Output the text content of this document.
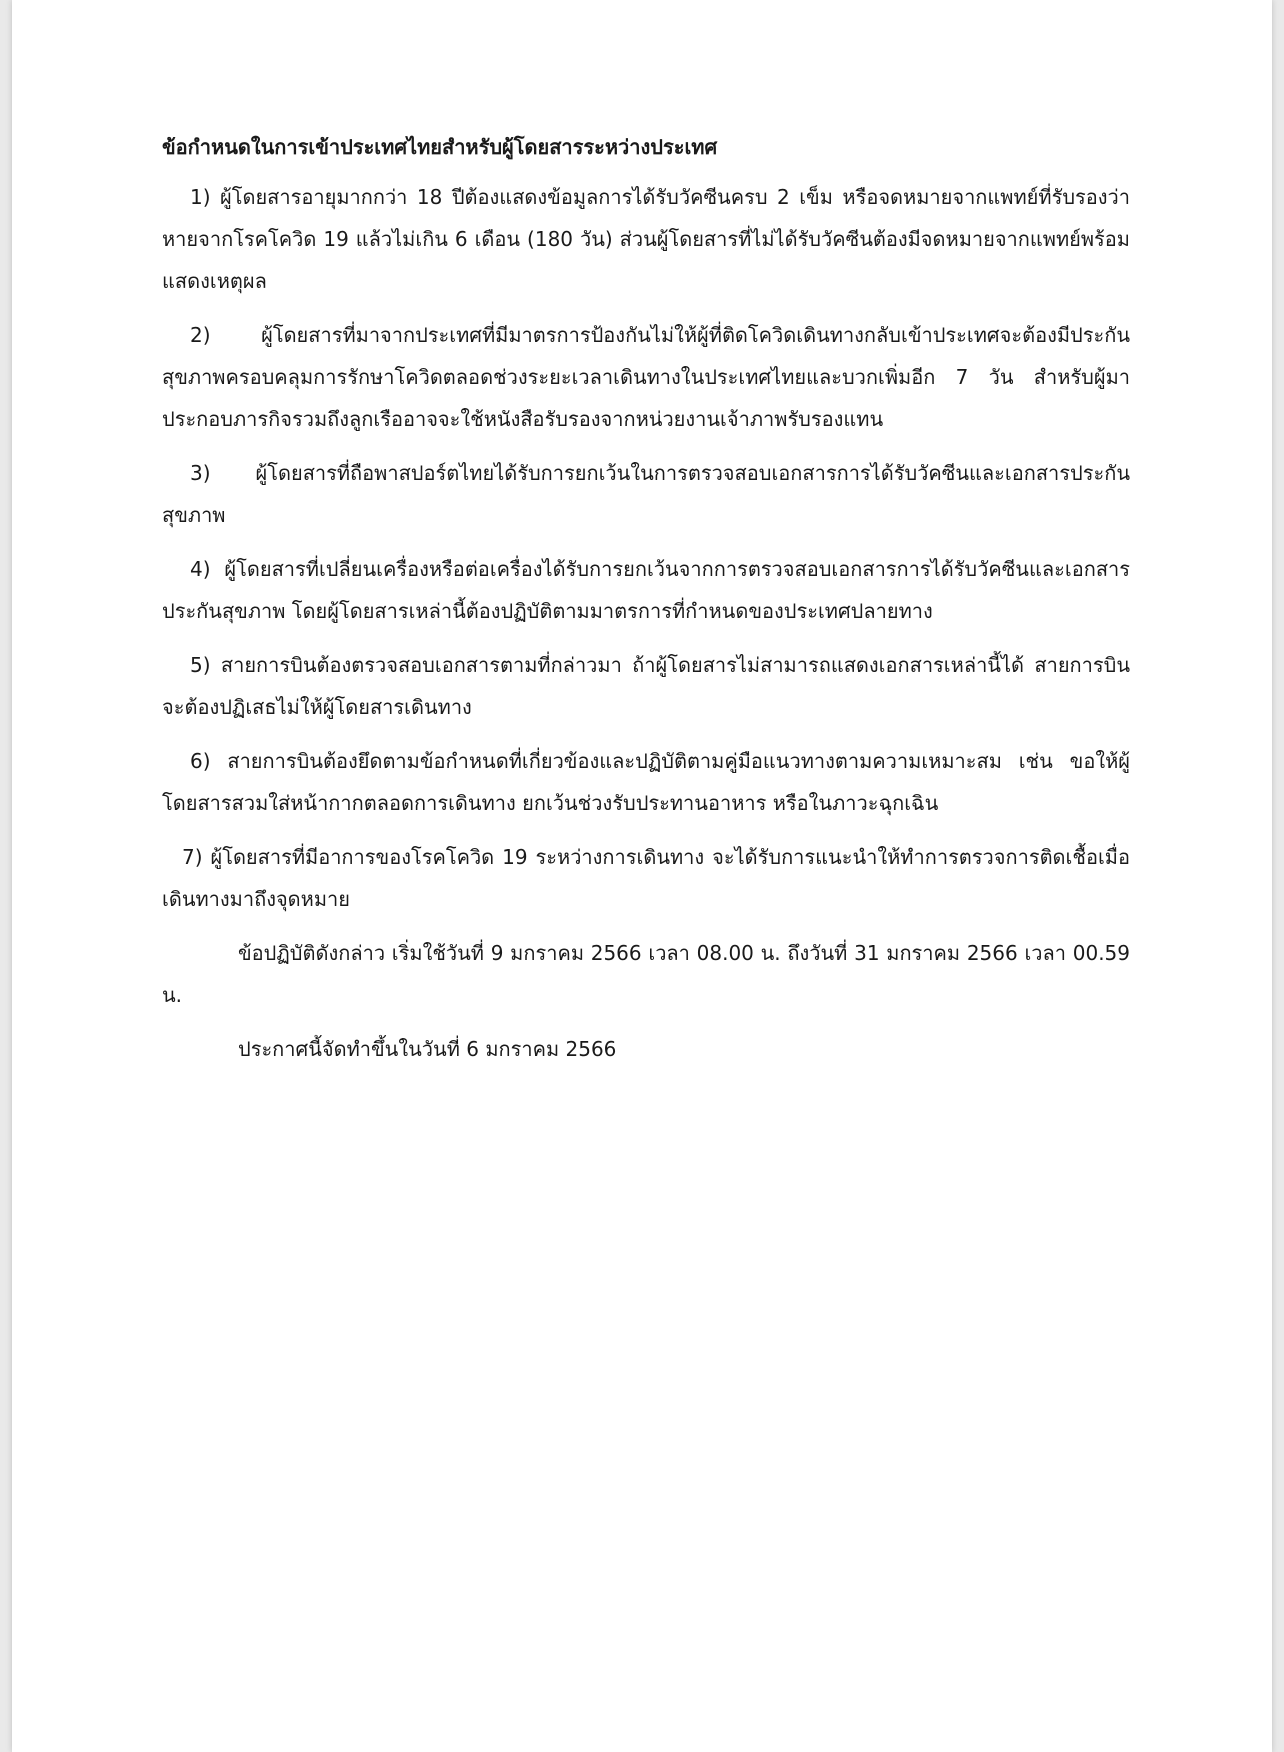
ข้อกำหนดในการเข้าประเทศไทยสำหรับผู้โดยสารระหว่างประเทศ

1) ผู้โดยสารอายุมากกว่า 18 ปีต้องแสดงข้อมูลการได้รับวัคซีนครบ 2 เข็ม หรือจดหมายจากแพทย์ที่รับรองว่าหายจากโรคโควิด 19 แล้วไม่เกิน 6 เดือน (180 วัน) ส่วนผู้โดยสารที่ไม่ได้รับวัคซีนต้องมีจดหมายจากแพทย์พร้อมแสดงเหตุผล

2) ผู้โดยสารที่มาจากประเทศที่มีมาตรการป้องกันไม่ให้ผู้ที่ติดโควิดเดินทางกลับเข้าประเทศจะต้องมีประกันสุขภาพครอบคลุมการรักษาโควิดตลอดช่วงระยะเวลาเดินทางในประเทศไทยและบวกเพิ่มอีก 7 วัน สำหรับผู้มาประกอบภารกิจรวมถึงลูกเรืออาจจะใช้หนังสือรับรองจากหน่วยงานเจ้าภาพรับรองแทน

3) ผู้โดยสารที่ถือพาสปอร์ตไทยได้รับการยกเว้นในการตรวจสอบเอกสารการได้รับวัคซีนและเอกสารประกันสุขภาพ

4) ผู้โดยสารที่เปลี่ยนเครื่องหรือต่อเครื่องได้รับการยกเว้นจากการตรวจสอบเอกสารการได้รับวัคซีนและเอกสารประกันสุขภาพ โดยผู้โดยสารเหล่านี้ต้องปฏิบัติตามมาตรการที่กำหนดของประเทศปลายทาง

5) สายการบินต้องตรวจสอบเอกสารตามที่กล่าวมา ถ้าผู้โดยสารไม่สามารถแสดงเอกสารเหล่านี้ได้ สายการบินจะต้องปฏิเสธไม่ให้ผู้โดยสารเดินทาง

6) สายการบินต้องยึดตามข้อกำหนดที่เกี่ยวข้องและปฏิบัติตามคู่มือแนวทางตามความเหมาะสม เช่น ขอให้ผู้โดยสารสวมใส่หน้ากากตลอดการเดินทาง ยกเว้นช่วงรับประทานอาหาร หรือในภาวะฉุกเฉิน

7) ผู้โดยสารที่มีอาการของโรคโควิด 19 ระหว่างการเดินทาง จะได้รับการแนะนำให้ทำการตรวจการติดเชื้อเมื่อเดินทางมาถึงจุดหมาย

ข้อปฏิบัติดังกล่าว เริ่มใช้วันที่ 9 มกราคม 2566 เวลา 08.00 น. ถึงวันที่ 31 มกราคม 2566 เวลา 00.59 น.

ประกาศนี้จัดทำขึ้นในวันที่ 6 มกราคม 2566
